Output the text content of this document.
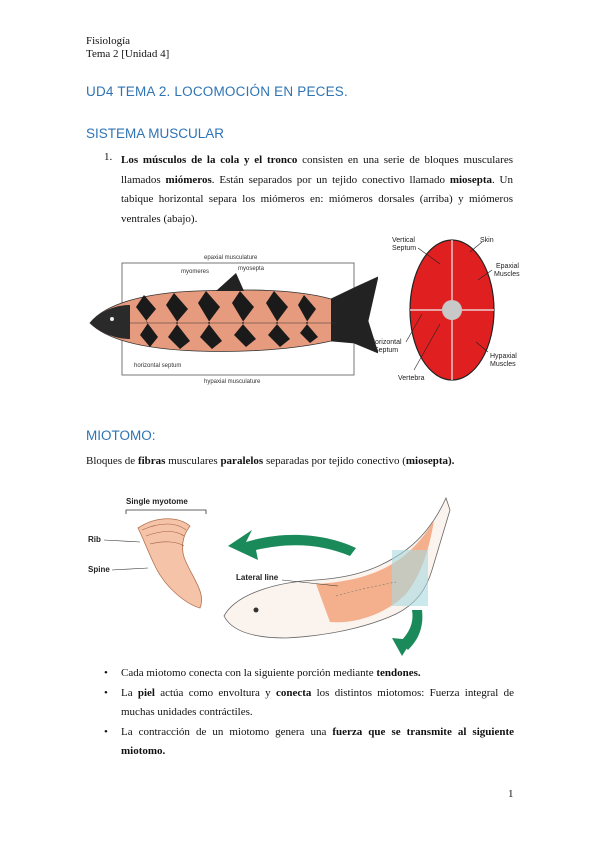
Fisiología
Tema 2 [Unidad 4]
UD4 TEMA 2. LOCOMOCIÓN EN PECES.
SISTEMA MUSCULAR
1. Los músculos de la cola y el tronco consisten en una serie de bloques musculares llamados miómeros. Están separados por un tejido conectivo llamado miosepta. Un tabique horizontal separa los miómeros en: miómeros dorsales (arriba) y miómeros ventrales (abajo).
epaxial musculature
myomeres	myosepta
horizontal septum
hypaxial musculature
Vertical
Septum
Skin
Epaxial
Muscles
Horizontal
Septum
Hypaxial
Muscles
Vertebra
MIOTOMO:
Bloques de fibras musculares paralelos separadas por tejido conectivo (miosepta).
Single myotome
Rib
Spine
Lateral line
• Cada miotomo conecta con la siguiente porción mediante tendones.
• La piel actúa como envoltura y conecta los distintos miotomos: Fuerza integral de muchas unidades contráctiles.
• La contracción de un miotomo genera una fuerza que se transmite al siguiente miotomo.
1
